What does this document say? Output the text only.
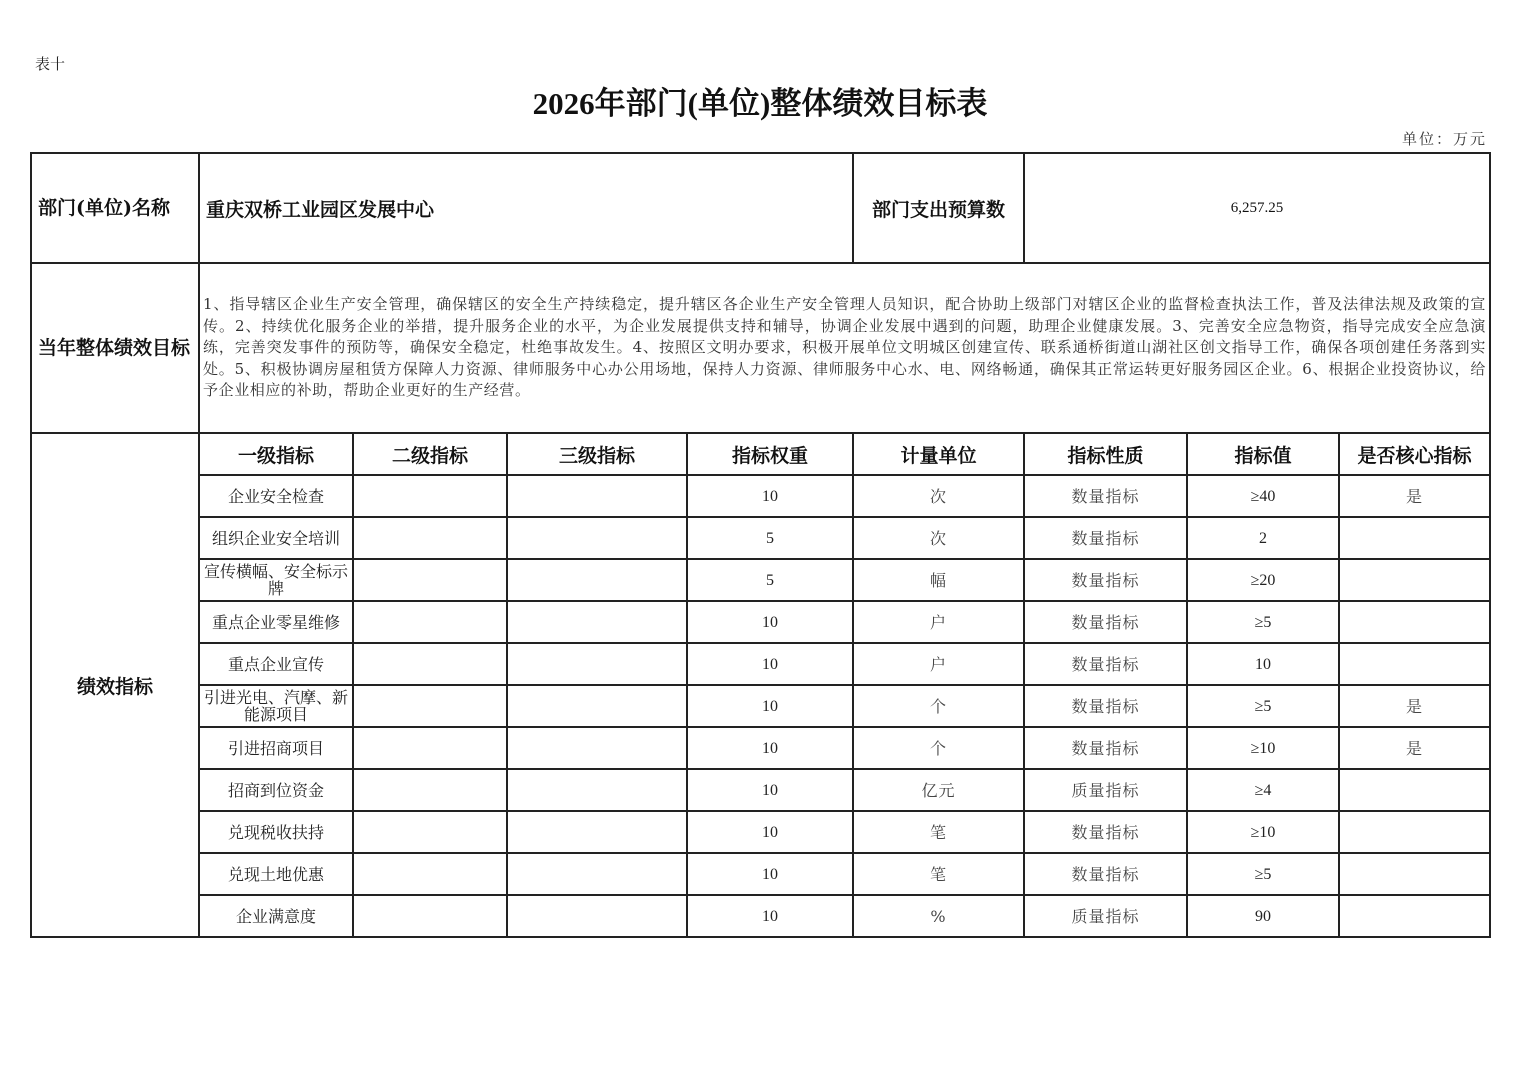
表十
2026年部门(单位)整体绩效目标表
单位：万元
部门(单位)名称	重庆双桥工业园区发展中心				部门支出预算数	6,257.25		
当年整体绩效目标	1、指导辖区企业生产安全管理，确保辖区的安全生产持续稳定，提升辖区各企业生产安全管理人员知识，配合协助上级部门对辖区企业的监督检查执法工作，普及法律法规及政策的宣传。2、持续优化服务企业的举措，提升服务企业的水平，为企业发展提供支持和辅导，协调企业发展中遇到的问题，助理企业健康发展。3、完善安全应急物资，指导完成安全应急演练，完善突发事件的预防等，确保安全稳定，杜绝事故发生。4、按照区文明办要求，积极开展单位文明城区创建宣传、联系通桥街道山湖社区创文指导工作，确保各项创建任务落到实处。5、积极协调房屋租赁方保障人力资源、律师服务中心办公用场地，保持人力资源、律师服务中心水、电、网络畅通，确保其正常运转更好服务园区企业。6、根据企业投资协议，给予企业相应的补助，帮助企业更好的生产经营。							
绩效指标	一级指标	二级指标	三级指标	指标权重	计量单位	指标性质	指标值	是否核心指标
	企业安全检查			10	次	数量指标	≥40	是
	组织企业安全培训			5	次	数量指标	2	
	宣传横幅、安全标示牌			5	幅	数量指标	≥20	
	重点企业零星维修			10	户	数量指标	≥5	
	重点企业宣传			10	户	数量指标	10	
	引进光电、汽摩、新能源项目			10	个	数量指标	≥5	是
	引进招商项目			10	个	数量指标	≥10	是
	招商到位资金			10	亿元	质量指标	≥4	
	兑现税收扶持			10	笔	数量指标	≥10	
	兑现土地优惠			10	笔	数量指标	≥5	
	企业满意度			10	%	质量指标	90	
